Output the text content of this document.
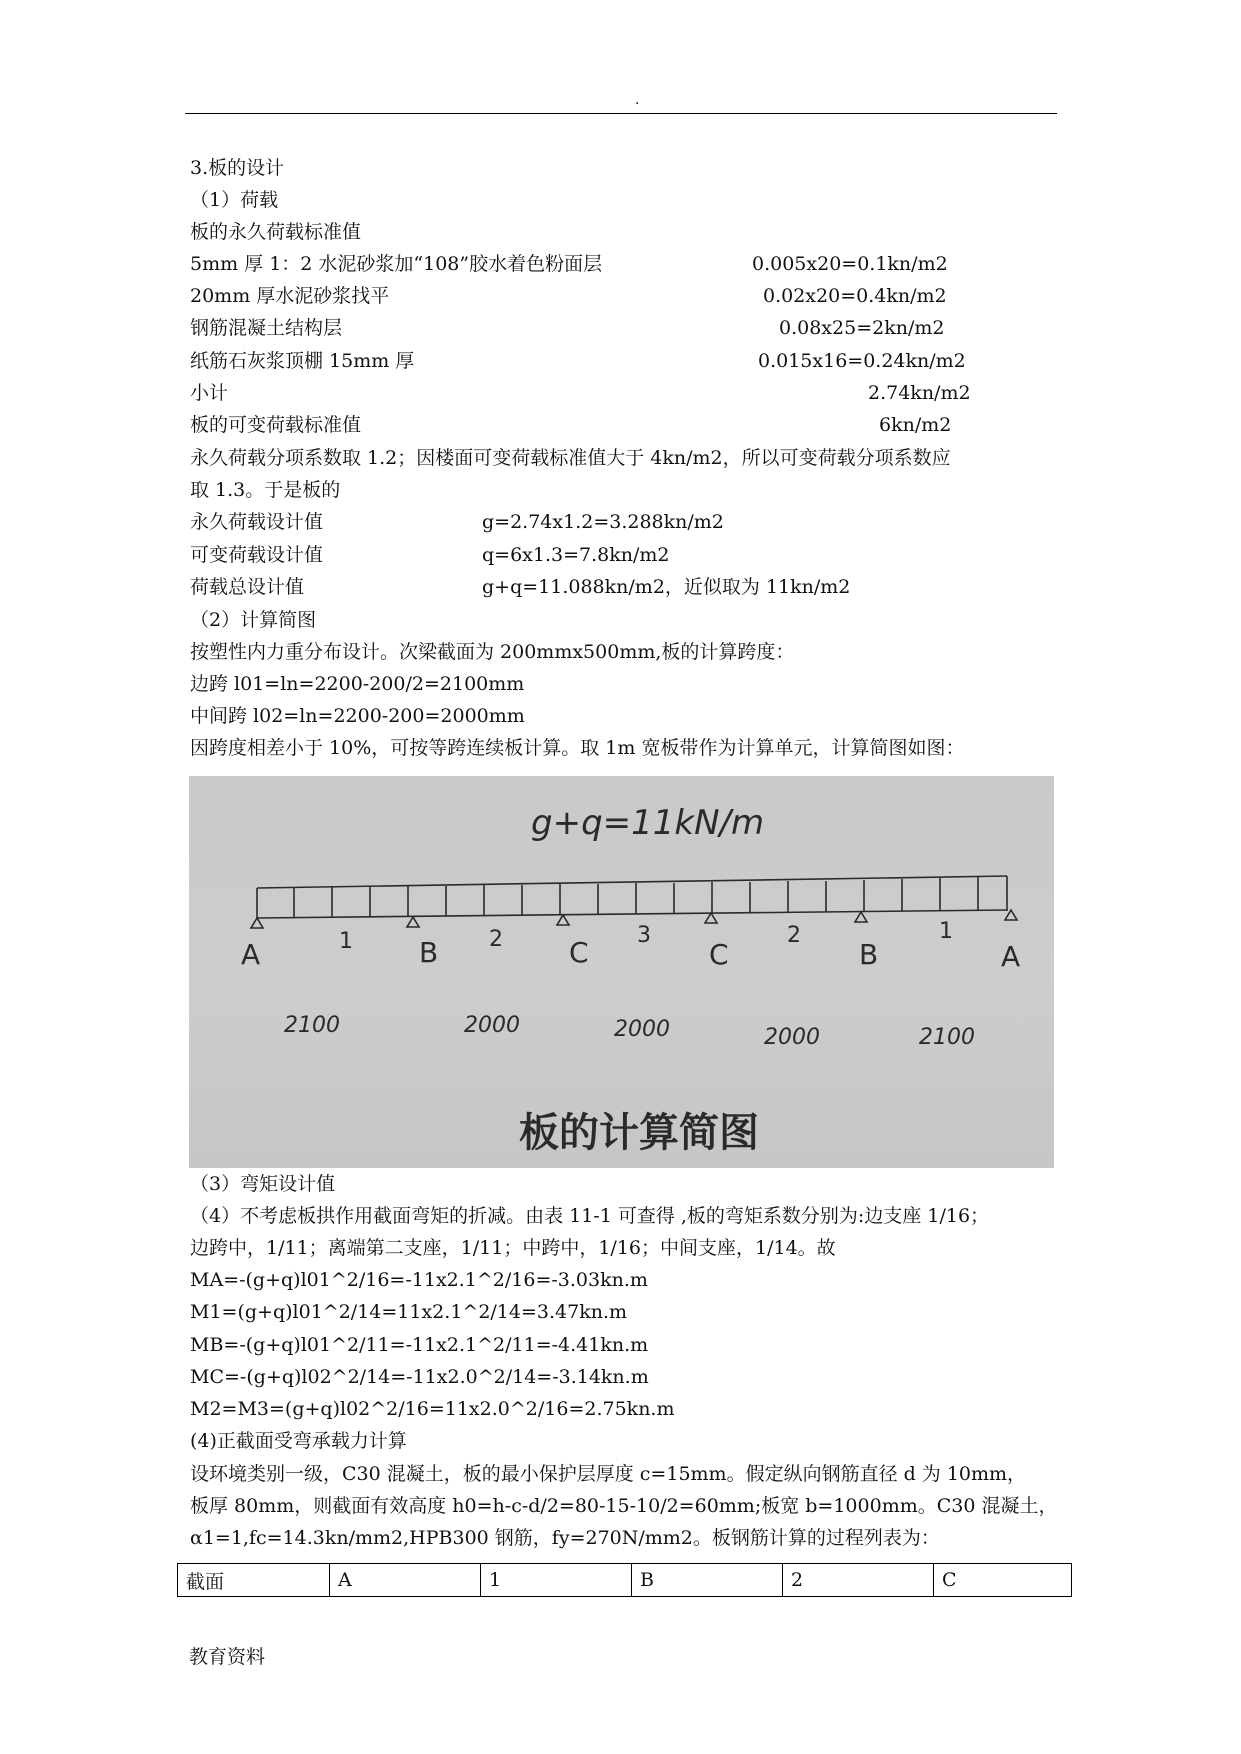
.
3.板的设计
（1）荷载
板的永久荷载标准值
5mm 厚 1：2 水泥砂浆加“108”胶水着色粉面层	0.005x20=0.1kn/m2
20mm 厚水泥砂浆找平	0.02x20=0.4kn/m2
钢筋混凝土结构层	0.08x25=2kn/m2
纸筋石灰浆顶棚 15mm 厚	0.015x16=0.24kn/m2
小计	2.74kn/m2
板的可变荷载标准值	6kn/m2
永久荷载分项系数取 1.2；因楼面可变荷载标准值大于 4kn/m2，所以可变荷载分项系数应
取 1.3。于是板的
永久荷载设计值	g=2.74x1.2=3.288kn/m2
可变荷载设计值	q=6x1.3=7.8kn/m2
荷载总设计值	g+q=11.088kn/m2，近似取为 11kn/m2
（2）计算简图
按塑性内力重分布设计。次梁截面为 200mmx500mm,板的计算跨度：
边跨 l01=ln=2200-200/2=2100mm
中间跨 l02=ln=2200-200=2000mm
因跨度相差小于 10%，可按等跨连续板计算。取 1m 宽板带作为计算单元，计算简图如图：
g+q=11kN/m
A	B	C	C	B	A
1	2	3	2	1
2100	2000	2000	2000	2100
板的计算简图
（3）弯矩设计值
（4）不考虑板拱作用截面弯矩的折减。由表 11-1 可查得 ,板的弯矩系数分别为:边支座 1/16；
边跨中，1/11；离端第二支座，1/11；中跨中，1/16；中间支座，1/14。故
MA=-(g+q)l01^2/16=-11x2.1^2/16=-3.03kn.m
M1=(g+q)l01^2/14=11x2.1^2/14=3.47kn.m
MB=-(g+q)l01^2/11=-11x2.1^2/11=-4.41kn.m
MC=-(g+q)l02^2/14=-11x2.0^2/14=-3.14kn.m
M2=M3=(g+q)l02^2/16=11x2.0^2/16=2.75kn.m
(4)正截面受弯承载力计算
设环境类别一级，C30 混凝土，板的最小保护层厚度 c=15mm。假定纵向钢筋直径 d 为 10mm，
板厚 80mm，则截面有效高度 h0=h-c-d/2=80-15-10/2=60mm;板宽 b=1000mm。C30 混凝土，
α1=1,fc=14.3kn/mm2,HPB300 钢筋，fy=270N/mm2。板钢筋计算的过程列表为：
截面	A	1	B	2	C
教育资料
